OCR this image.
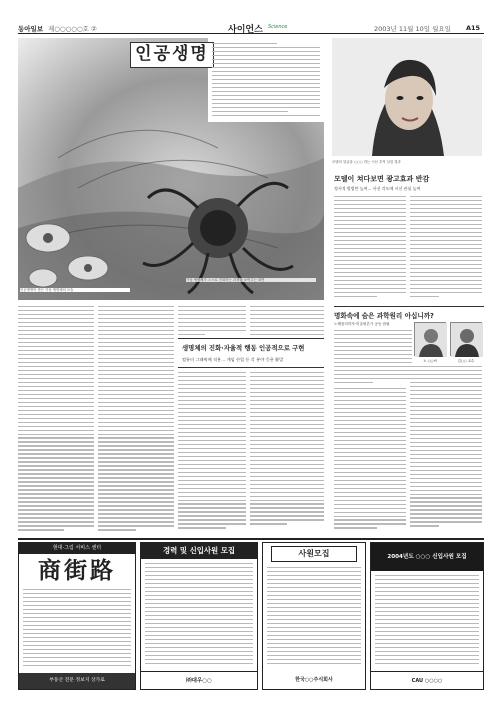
동아일보 제○○○○○호 ②	사이언스 Science	2003년 11월 10일 월요일 A15
인공생명
인공생명이 만든 가상 생명체의 모습
가상 생명체가 스스로 진화하는 과정을 보여주는 화면
생명체의 진화·자율적 행동 인공적으로 구현
컴퓨터 그래픽에 적용… 게임 산업 등 각 분야 응용 활발
모델의 얼굴을 ○○○ 하는 시선 추적 실험 결과
모델이 쳐다보면 광고효과 반감
정서적 방법만 높여… 사선 각도에 시선 관심 높여
명화속에 숨은 과학원리 아십니까?
노벨물리학자·미술평론가 공동 집필
노 ○○씨	김○○ 교수
현대·그림 서비스 센터
商街路
부동산 전문 정보지 상가로
경력 및 신입사원 모집
㈜대우○○
사원모집
한국○○주식회사
2004년도 ○○○ 신입사원 모집
CAU ○○○○
